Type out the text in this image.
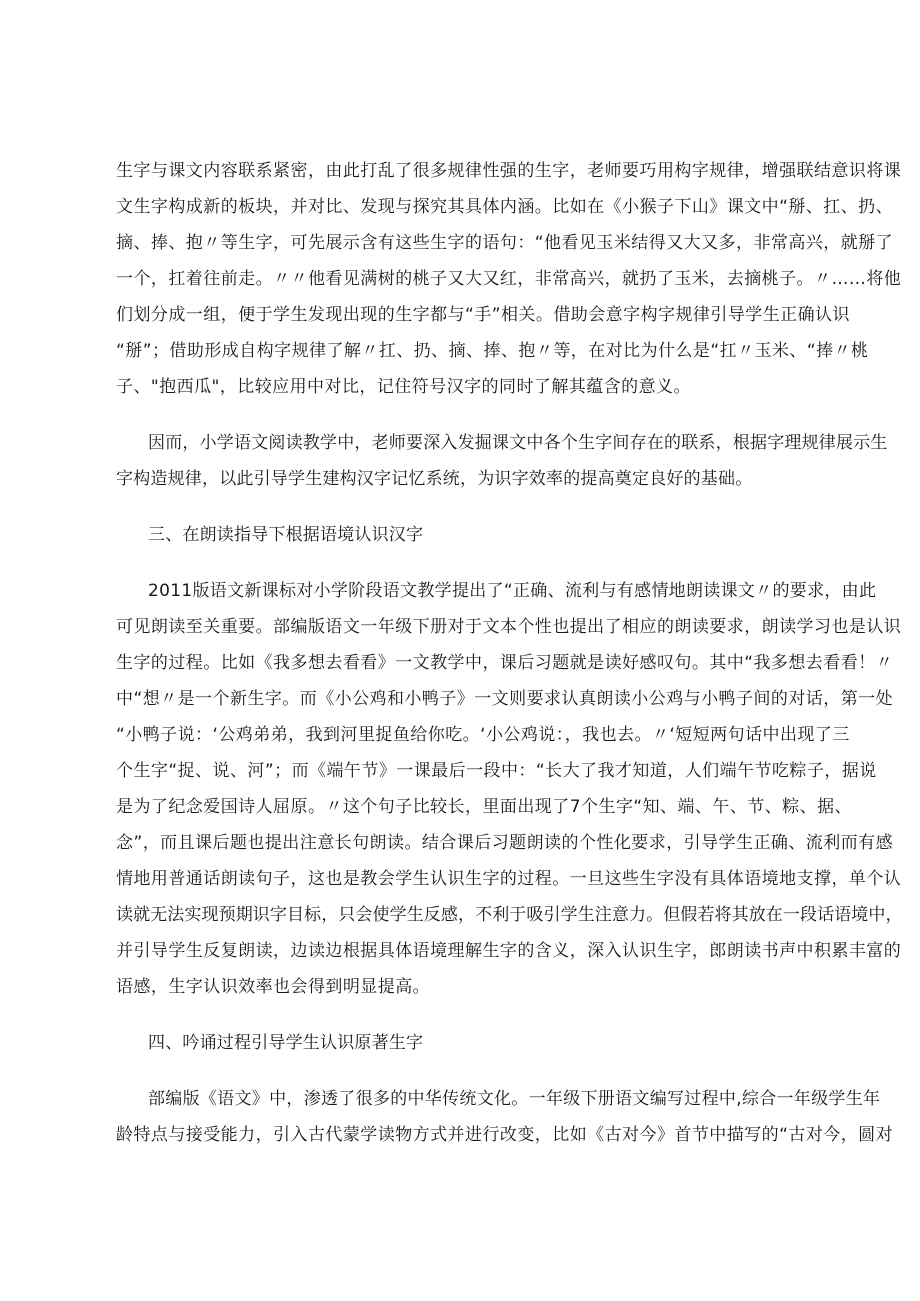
生字与课文内容联系紧密，由此打乱了很多规律性强的生字，老师要巧用构字规律，增强联结意识将课
文生字构成新的板块，并对比、发现与探究其具体内涵。比如在《小猴子下山》课文中“掰、扛、扔、
摘、捧、抱〃等生字，可先展示含有这些生字的语句：“他看见玉米结得又大又多，非常高兴，就掰了
一个，扛着往前走。〃〃他看见满树的桃子又大又红，非常高兴，就扔了玉米，去摘桃子。〃……将他
们划分成一组，便于学生发现出现的生字都与“手”相关。借助会意字构字规律引导学生正确认识
“掰”；借助形成自构字规律了解〃扛、扔、摘、捧、抱〃等，在对比为什么是“扛〃玉米、“捧〃桃
子、"抱西瓜"，比较应用中对比，记住符号汉字的同时了解其蕴含的意义。
因而，小学语文阅读教学中，老师要深入发掘课文中各个生字间存在的联系，根据字理规律展示生
字构造规律，以此引导学生建构汉字记忆系统，为识字效率的提高奠定良好的基础。
三、在朗读指导下根据语境认识汉字
2011版语文新课标对小学阶段语文教学提出了“正确、流利与有感情地朗读课文〃的要求，由此
可见朗读至关重要。部编版语文一年级下册对于文本个性也提出了相应的朗读要求，朗读学习也是认识
生字的过程。比如《我多想去看看》一文教学中，课后习题就是读好感叹句。其中“我多想去看看！〃
中“想〃是一个新生字。而《小公鸡和小鸭子》一文则要求认真朗读小公鸡与小鸭子间的对话，第一处
“小鸭子说：‘公鸡弟弟，我到河里捉鱼给你吃。‘小公鸡说：，我也去。〃‘短短两句话中出现了三
个生字“捉、说、河”；而《端午节》一课最后一段中：“长大了我才知道，人们端午节吃粽子，据说
是为了纪念爱国诗人屈原。〃这个句子比较长，里面出现了7个生字“知、端、午、节、粽、据、
念”，而且课后题也提出注意长句朗读。结合课后习题朗读的个性化要求，引导学生正确、流利而有感
情地用普通话朗读句子，这也是教会学生认识生字的过程。一旦这些生字没有具体语境地支撑，单个认
读就无法实现预期识字目标，只会使学生反感，不利于吸引学生注意力。但假若将其放在一段话语境中，
并引导学生反复朗读，边读边根据具体语境理解生字的含义，深入认识生字，郎朗读书声中积累丰富的
语感，生字认识效率也会得到明显提高。
四、吟诵过程引导学生认识原著生字
部编版《语文》中，渗透了很多的中华传统文化。一年级下册语文编写过程中,综合一年级学生年
龄特点与接受能力，引入古代蒙学读物方式并进行改变，比如《古对今》首节中描写的“古对今，圆对
